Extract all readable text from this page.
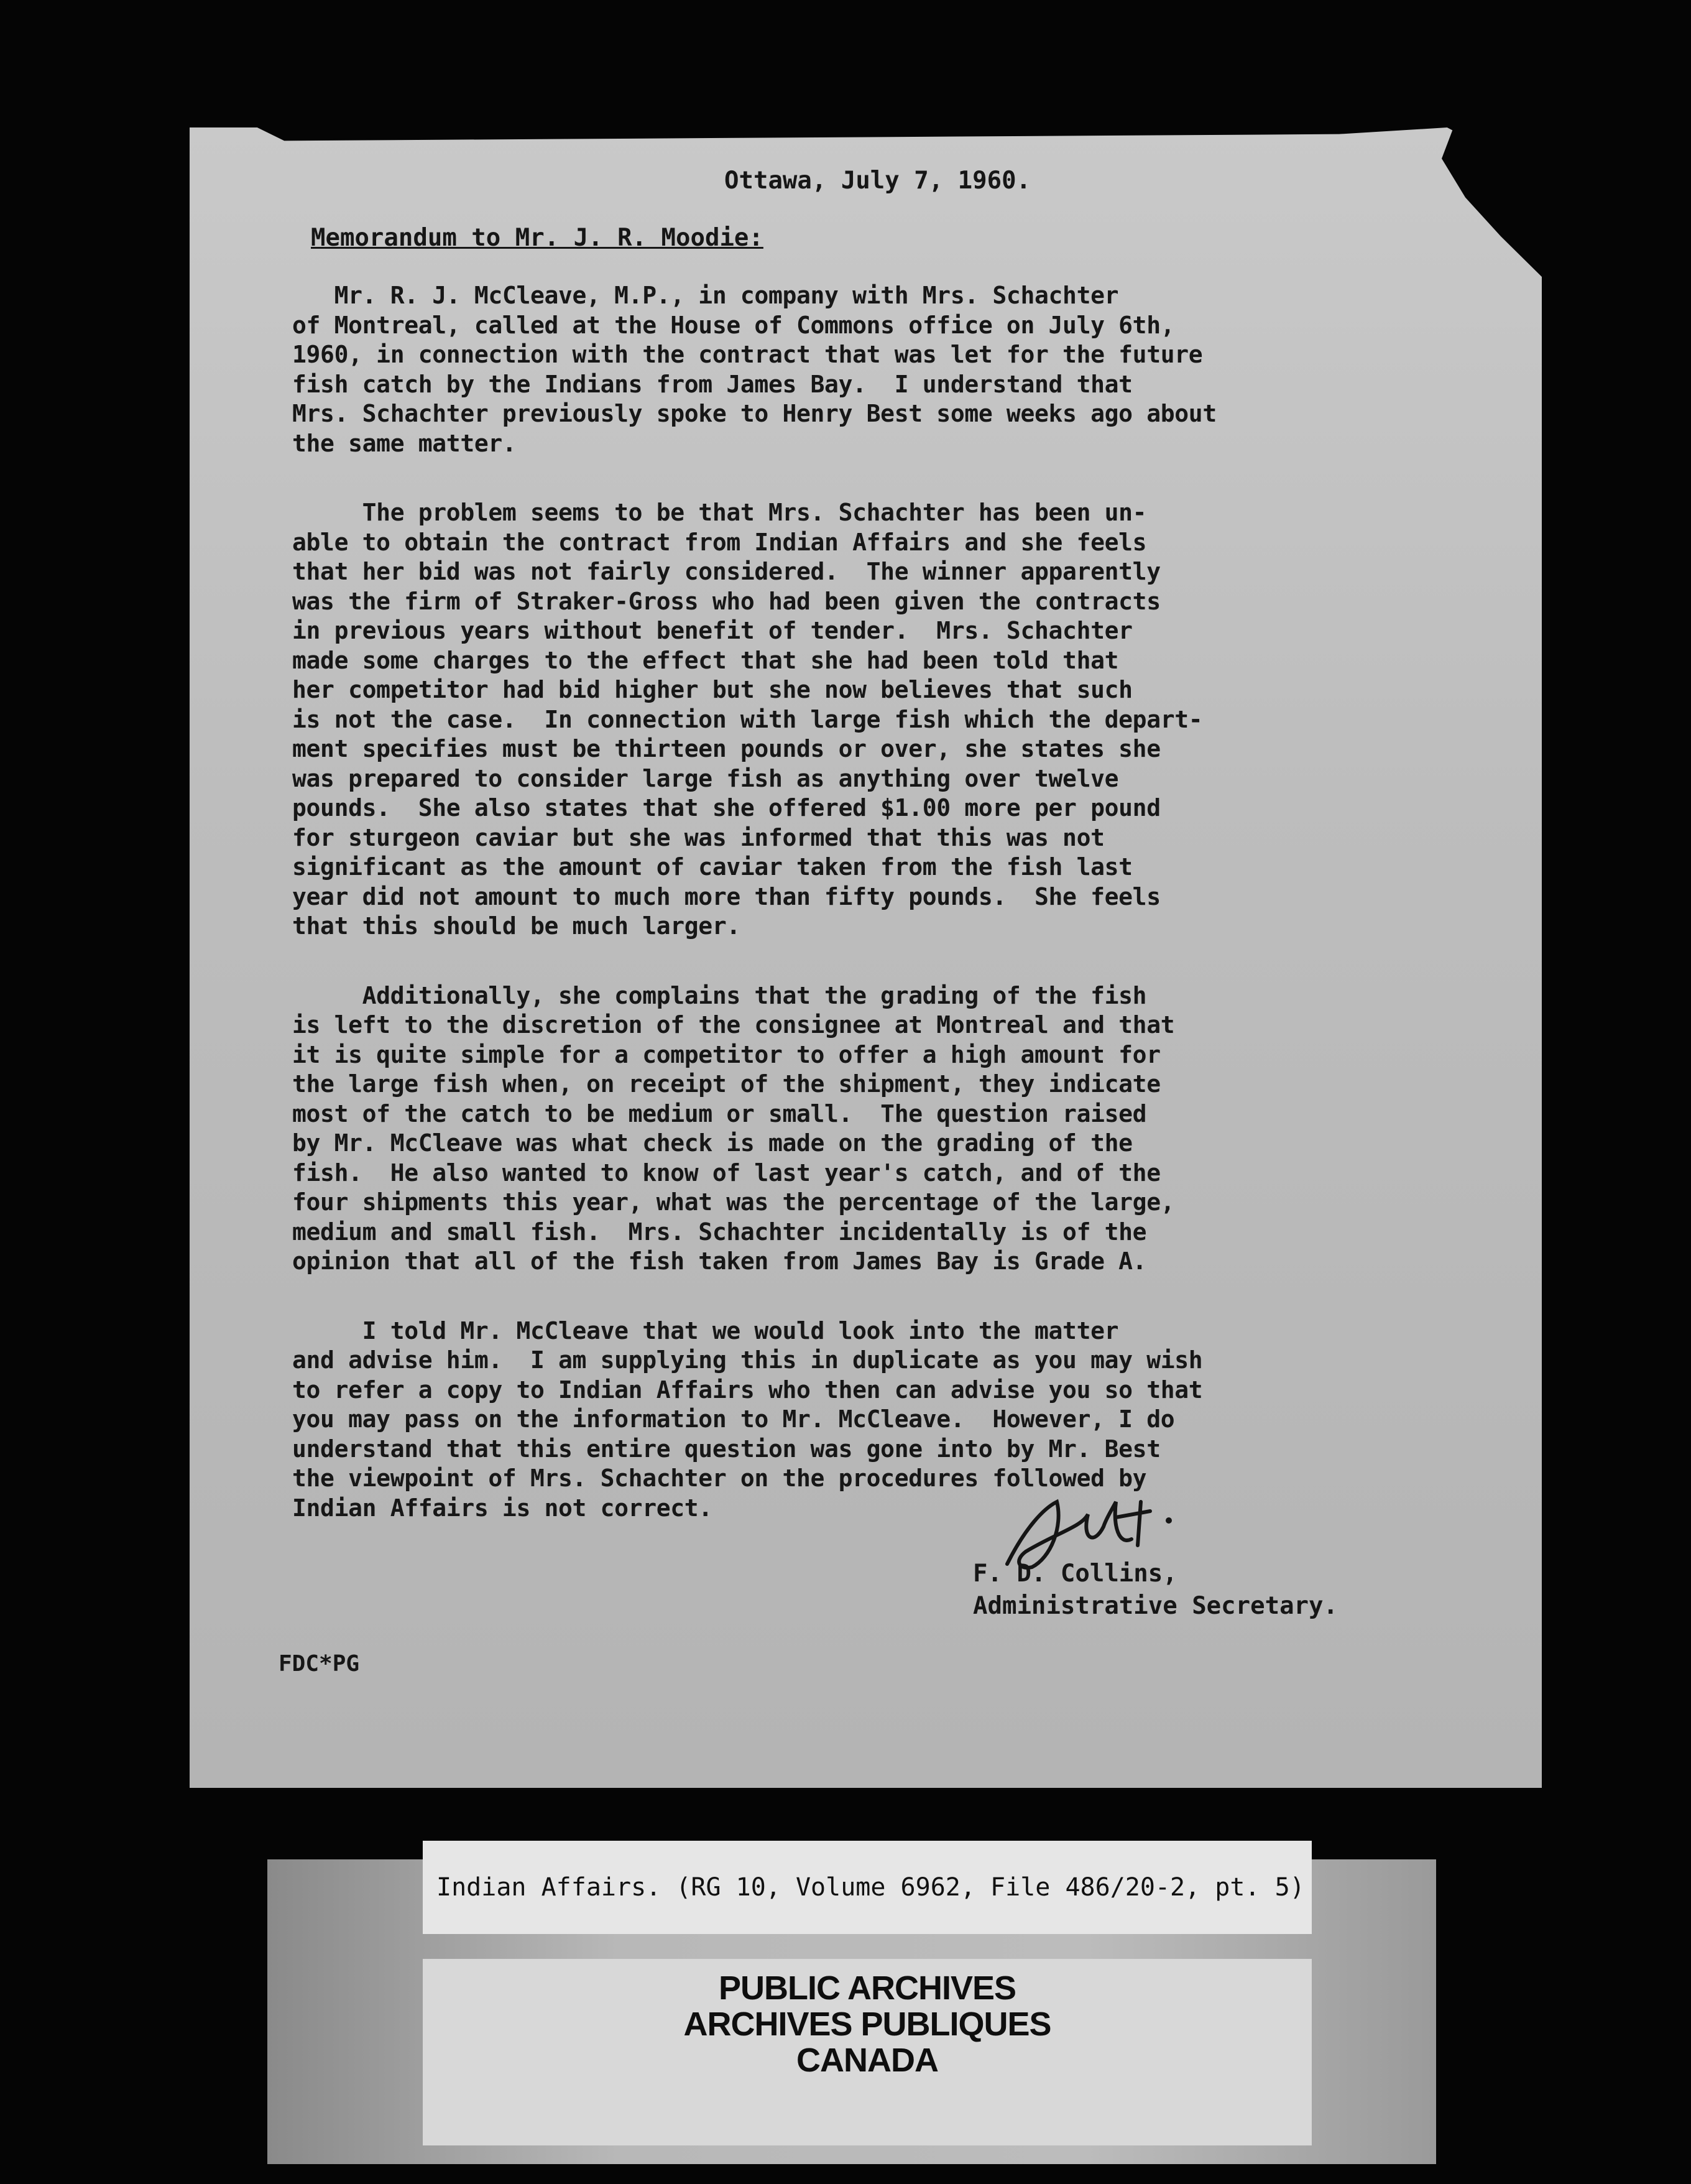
Ottawa, July 7, 1960.
Memorandum to Mr. J. R. Moodie:

Mr. R. J. McCleave, M.P., in company with Mrs. Schachter
of Montreal, called at the House of Commons office on July 6th,
1960, in connection with the contract that was let for the future
fish catch by the Indians from James Bay.  I understand that
Mrs. Schachter previously spoke to Henry Best some weeks ago about
the same matter.

The problem seems to be that Mrs. Schachter has been un-
able to obtain the contract from Indian Affairs and she feels
that her bid was not fairly considered.  The winner apparently
was the firm of Straker-Gross who had been given the contracts
in previous years without benefit of tender.  Mrs. Schachter
made some charges to the effect that she had been told that
her competitor had bid higher but she now believes that such
is not the case.  In connection with large fish which the depart-
ment specifies must be thirteen pounds or over, she states she
was prepared to consider large fish as anything over twelve
pounds.  She also states that she offered $1.00 more per pound
for sturgeon caviar but she was informed that this was not
significant as the amount of caviar taken from the fish last
year did not amount to much more than fifty pounds.  She feels
that this should be much larger.

Additionally, she complains that the grading of the fish
is left to the discretion of the consignee at Montreal and that
it is quite simple for a competitor to offer a high amount for
the large fish when, on receipt of the shipment, they indicate
most of the catch to be medium or small.  The question raised
by Mr. McCleave was what check is made on the grading of the
fish.  He also wanted to know of last year's catch, and of the
four shipments this year, what was the percentage of the large,
medium and small fish.  Mrs. Schachter incidentally is of the
opinion that all of the fish taken from James Bay is Grade A.

I told Mr. McCleave that we would look into the matter
and advise him.  I am supplying this in duplicate as you may wish
to refer a copy to Indian Affairs who then can advise you so that
you may pass on the information to Mr. McCleave.  However, I do
understand that this entire question was gone into by Mr. Best
the viewpoint of Mrs. Schachter on the procedures followed by
Indian Affairs is not correct.

F. D. Collins,
Administrative Secretary.
FDC*PG
Indian Affairs. (RG 10, Volume 6962, File 486/20-2, pt. 5)
PUBLIC ARCHIVES
ARCHIVES PUBLIQUES
CANADA
